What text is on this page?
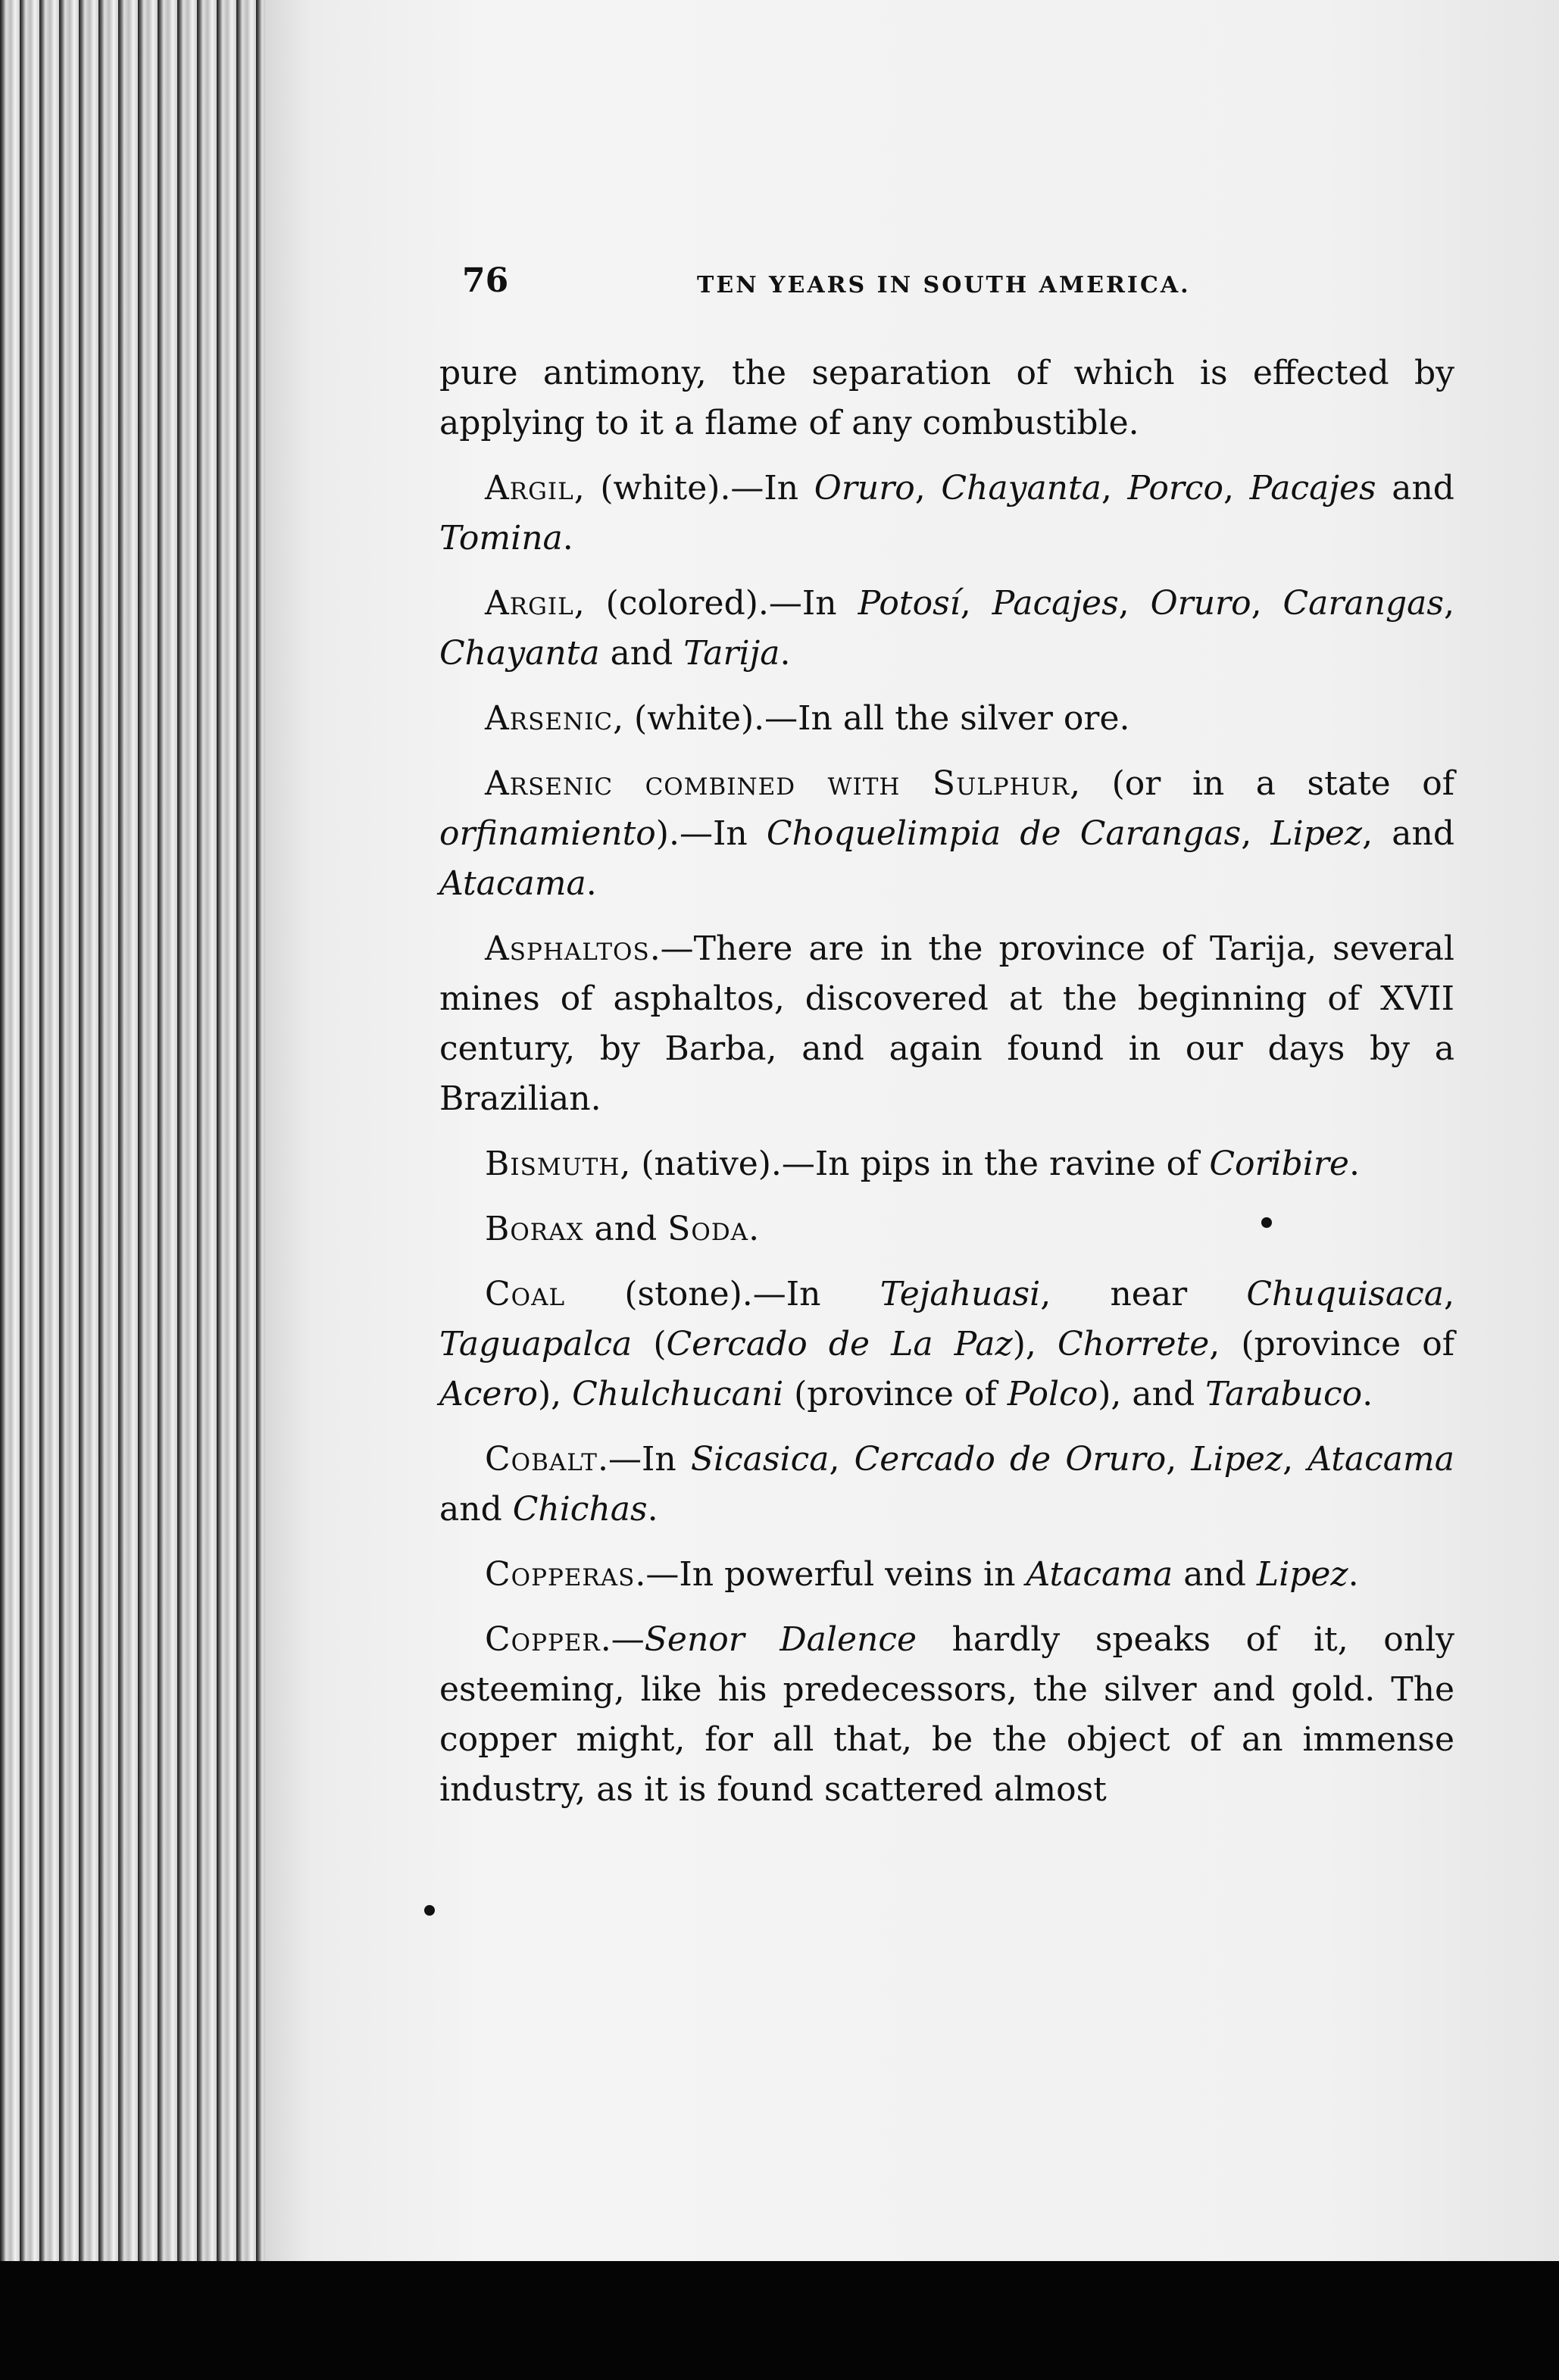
76	TEN YEARS IN SOUTH AMERICA.

pure antimony, the separation of which is effected by applying to it a flame of any combustible.

Argil, (white).—In Oruro, Chayanta, Porco, Pacajes and Tomina.

Argil, (colored).—In Potosí, Pacajes, Oruro, Carangas, Chayanta and Tarija.

Arsenic, (white).—In all the silver ore.

Arsenic combined with Sulphur, (or in a state of orfinamiento).—In Choquelimpia de Carangas, Lipez, and Atacama.

Asphaltos.—There are in the province of Tarija, several mines of asphaltos, discovered at the beginning of XVII century, by Barba, and again found in our days by a Brazilian.

Bismuth, (native).—In pips in the ravine of Coribire.

Borax and Soda.

Coal (stone).—In Tejahuasi, near Chuquisaca, Taguapalca (Cercado de La Paz), Chorrete, (province of Acero), Chulchucani (province of Polco), and Tarabuco.

Cobalt.—In Sicasica, Cercado de Oruro, Lipez, Atacama and Chichas.

Copperas.—In powerful veins in Atacama and Lipez.

Copper.—Senor Dalence hardly speaks of it, only esteeming, like his predecessors, the silver and gold. The copper might, for all that, be the object of an immense industry, as it is found scattered almost
